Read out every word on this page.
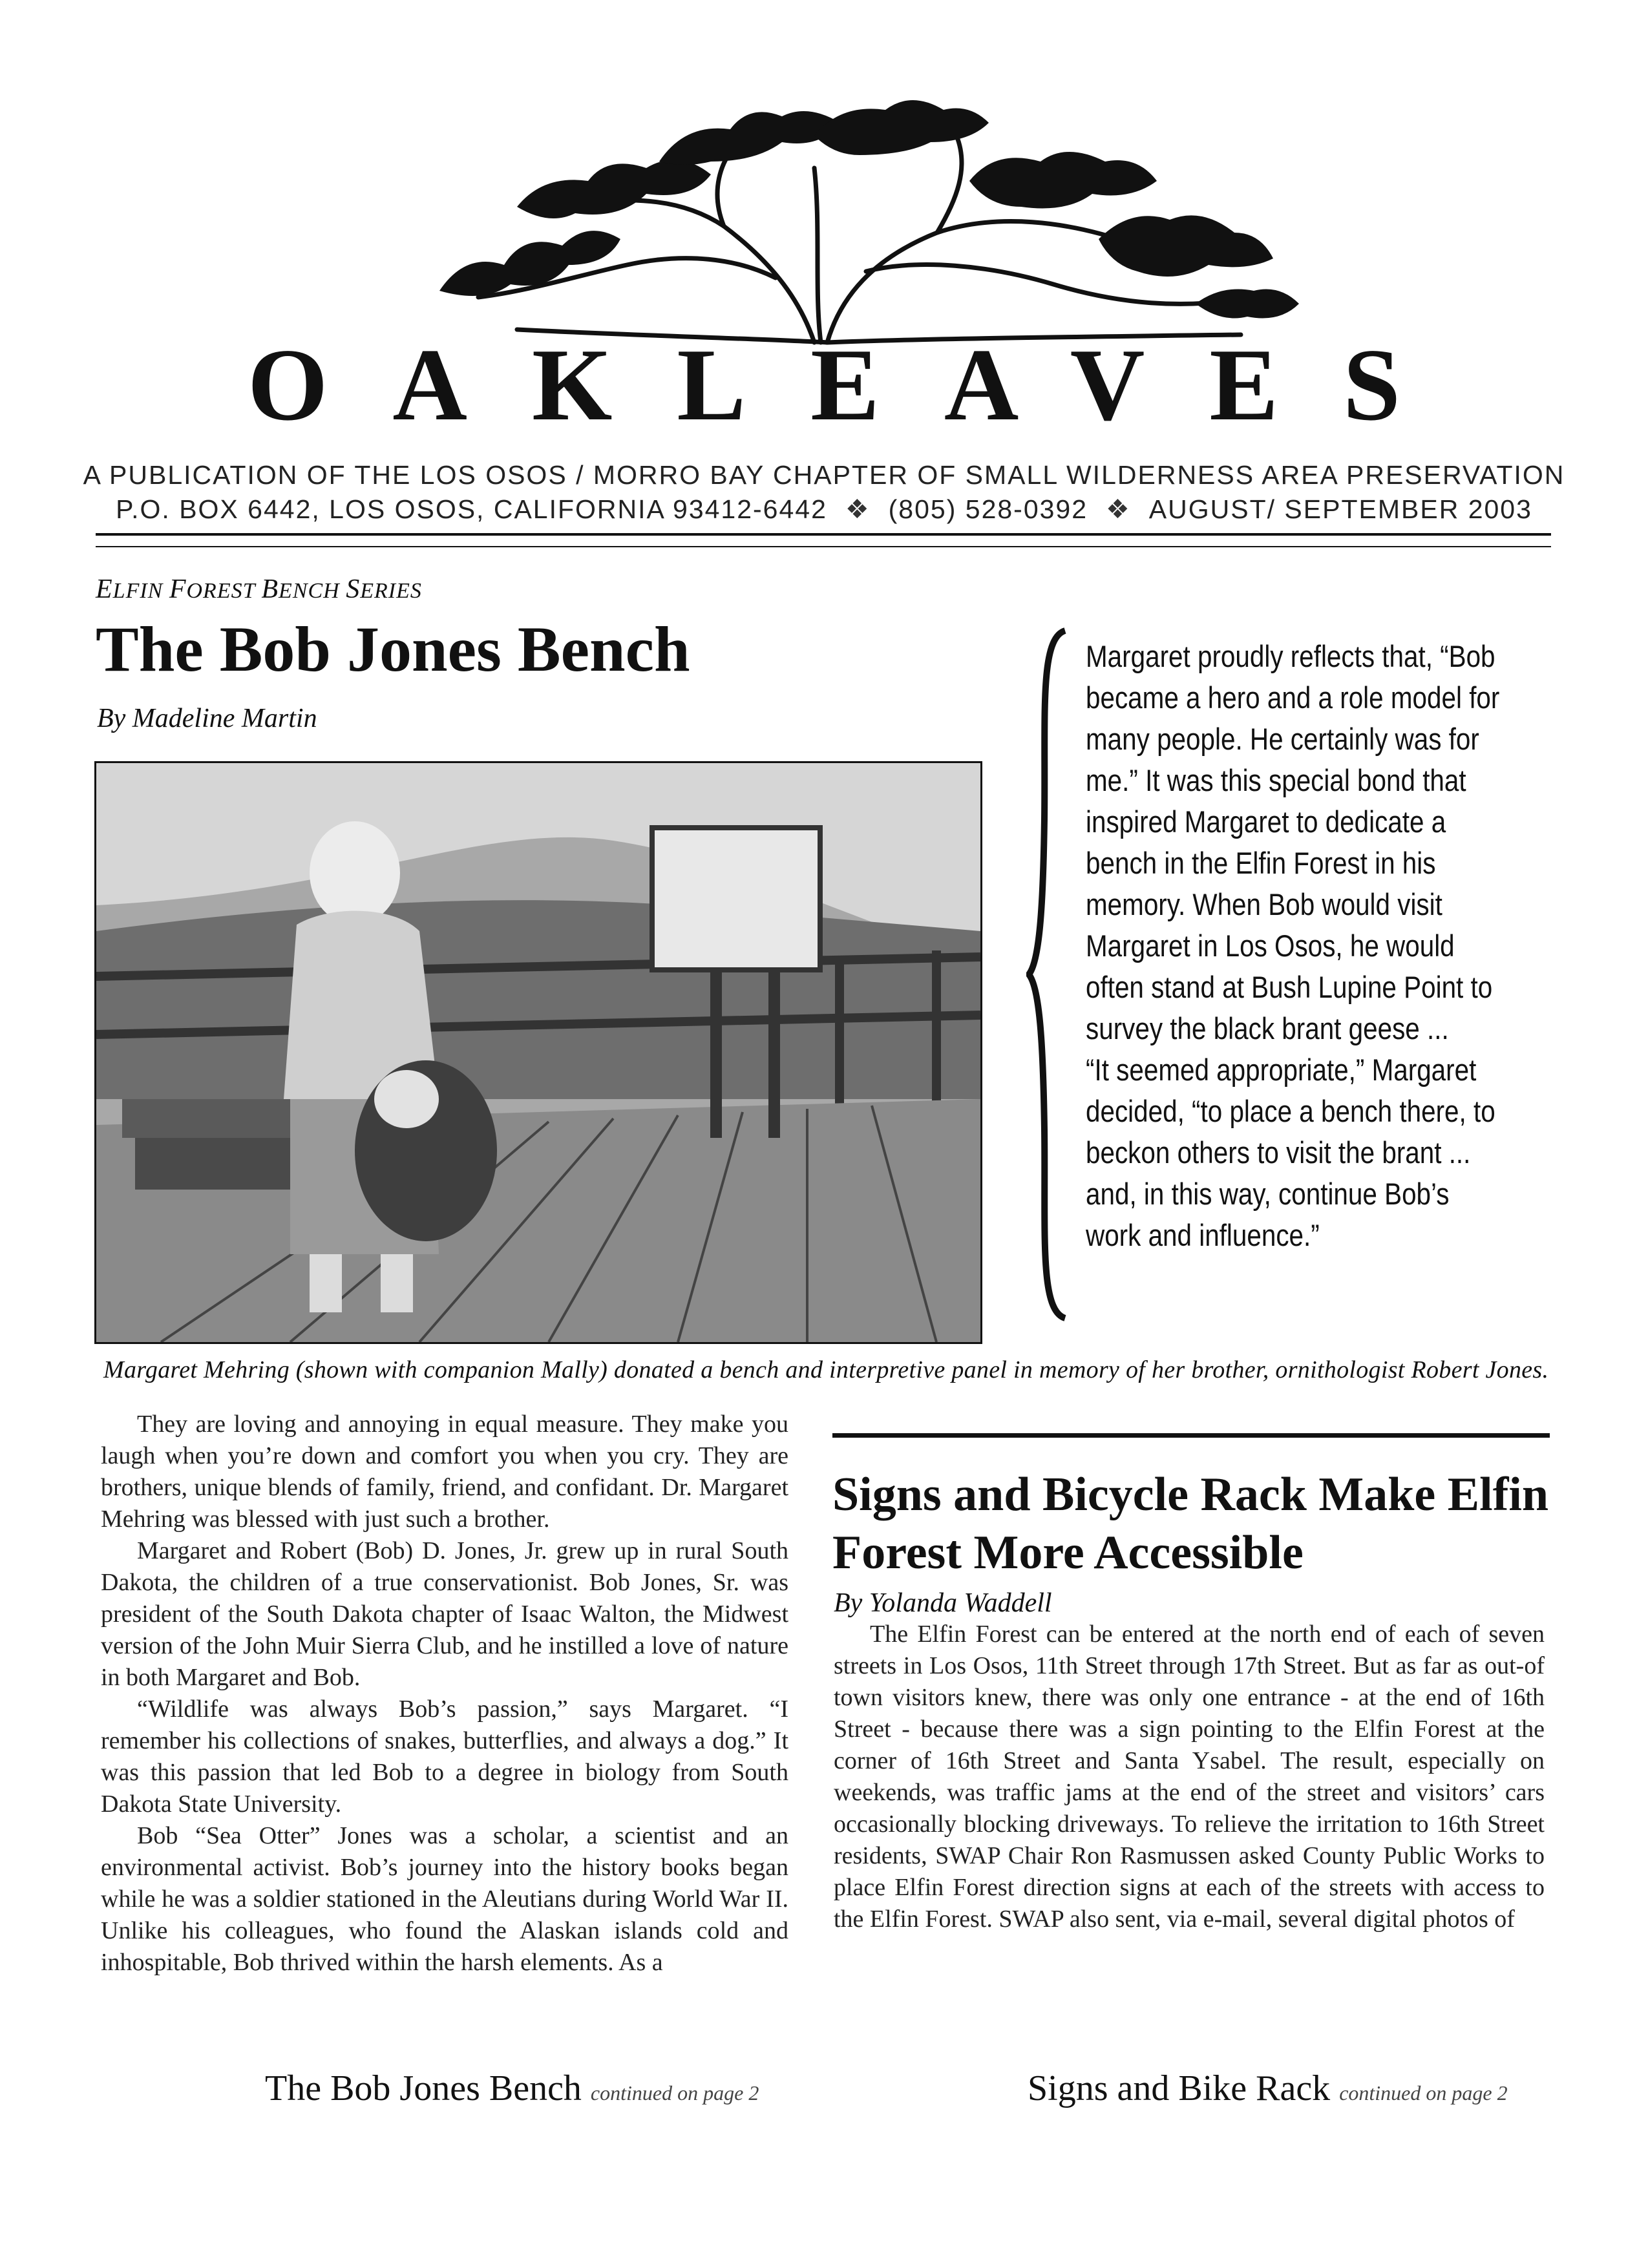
OAKLEAVES
A PUBLICATION OF THE LOS OSOS / MORRO BAY CHAPTER OF SMALL WILDERNESS AREA PRESERVATION
P.O. BOX 6442, LOS OSOS, CALIFORNIA 93412-6442 ❖ (805) 528-0392 ❖ AUGUST/ SEPTEMBER 2003
ELFIN FOREST BENCH SERIES
The Bob Jones Bench
By Madeline Martin

Margaret proudly reflects that, “Bob became a hero and a role model for many people. He certainly was for me.” It was this special bond that inspired Margaret to dedicate a bench in the Elfin Forest in his memory. When Bob would visit Margaret in Los Osos, he would often stand at Bush Lupine Point to survey the black brant geese ...

“It seemed appropriate,” Margaret decided, “to place a bench there, to beckon others to visit the brant ... and, in this way, continue Bob’s work and influence.”

Margaret Mehring (shown with companion Mally) donated a bench and interpretive panel in memory of her brother, ornithologist Robert Jones.

They are loving and annoying in equal measure. They make you laugh when you’re down and comfort you when you cry. They are brothers, unique blends of family, friend, and confidant. Dr. Margaret Mehring was blessed with just such a brother.

Margaret and Robert (Bob) D. Jones, Jr. grew up in rural South Dakota, the children of a true conservationist. Bob Jones, Sr. was president of the South Dakota chapter of Isaac Walton, the Midwest version of the John Muir Sierra Club, and he instilled a love of nature in both Margaret and Bob.

“Wildlife was always Bob’s passion,” says Margaret. “I remember his collections of snakes, butterflies, and always a dog.” It was this passion that led Bob to a degree in biology from South Dakota State University.

Bob “Sea Otter” Jones was a scholar, a scientist and an environmental activist. Bob’s journey into the history books began while he was a soldier stationed in the Aleutians during World War II. Unlike his colleagues, who found the Alaskan islands cold and inhospitable, Bob thrived within the harsh elements. As a

Signs and Bicycle Rack Make Elfin Forest More Accessible
By Yolanda Waddell

The Elfin Forest can be entered at the north end of each of seven streets in Los Osos, 11th Street through 17th Street. But as far as out-of town visitors knew, there was only one entrance - at the end of 16th Street - because there was a sign pointing to the Elfin Forest at the corner of 16th Street and Santa Ysabel. The result, especially on weekends, was traffic jams at the end of the street and visitors’ cars occasionally blocking driveways. To relieve the irritation to 16th Street residents, SWAP Chair Ron Rasmussen asked County Public Works to place Elfin Forest direction signs at each of the streets with access to the Elfin Forest. SWAP also sent, via e-mail, several digital photos of

The Bob Jones Bench continued on page 2	Signs and Bike Rack continued on page 2
